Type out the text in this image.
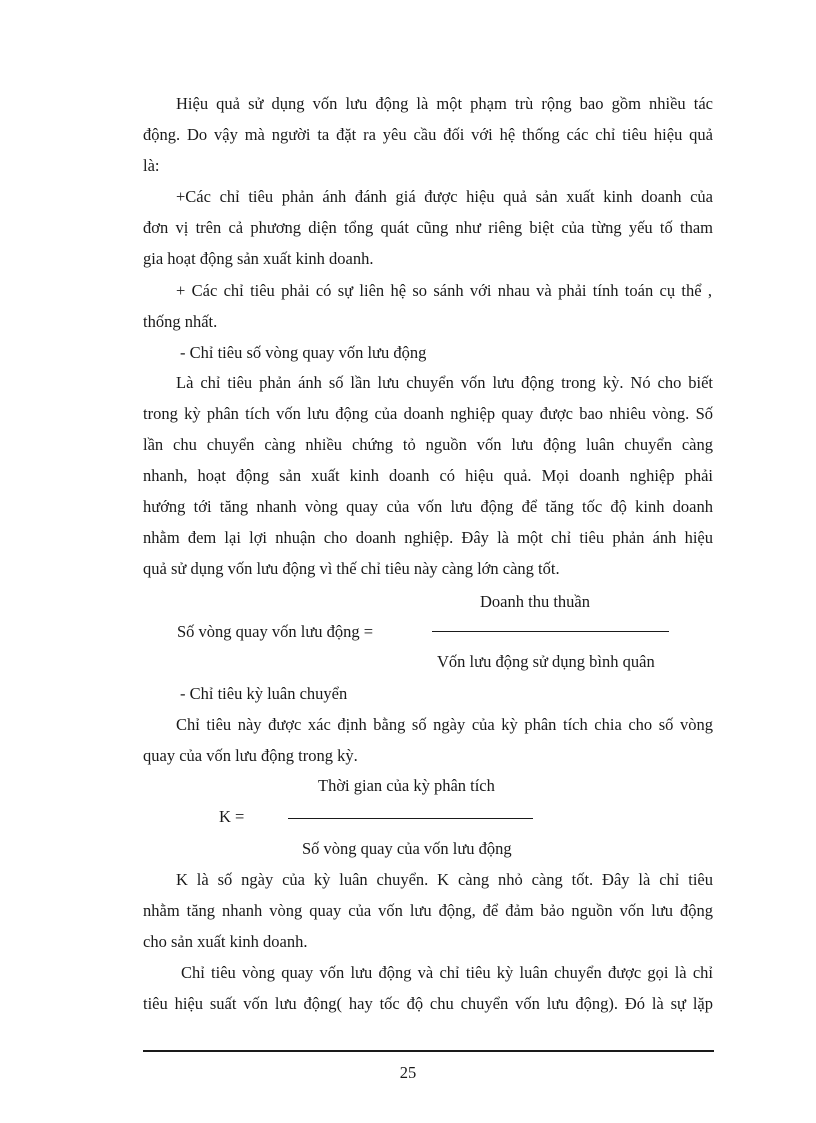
Hiệu quả sử dụng vốn lưu động là một phạm trù rộng bao gồm nhiều tác
động. Do vậy mà người ta đặt ra yêu cầu đối với hệ thống các chỉ tiêu hiệu quả
là:
+Các chỉ tiêu phản ánh đánh giá được hiệu quả sản xuất kinh doanh của
đơn vị trên cả phương diện tổng quát cũng như riêng biệt của từng yếu tố tham
gia hoạt động sản xuất kinh doanh.
+ Các chỉ tiêu phải có sự liên hệ so sánh với nhau và phải tính toán cụ thể ,
thống nhất.
- Chỉ tiêu số vòng quay vốn lưu động
Là chỉ tiêu phản ánh số lần lưu chuyển vốn lưu động trong kỳ. Nó cho biết
trong kỳ phân tích vốn lưu động của doanh nghiệp quay được bao nhiêu vòng. Số
lần chu chuyển càng nhiều chứng tỏ nguồn vốn lưu động luân chuyển càng
nhanh, hoạt động sản xuất kinh doanh có hiệu quả. Mọi doanh nghiệp phải
hướng tới tăng nhanh vòng quay của vốn lưu động để tăng tốc độ kinh doanh
nhằm đem lại lợi nhuận cho doanh nghiệp. Đây là một chỉ tiêu phản ánh hiệu
quả sử dụng vốn lưu động vì thế chỉ tiêu này càng lớn càng tốt.
Doanh thu thuần
Số vòng quay vốn lưu động =
Vốn lưu động sử dụng bình quân
- Chỉ tiêu kỳ luân chuyển
Chỉ tiêu này được xác định bằng số ngày của kỳ phân tích chia cho số vòng
quay của vốn lưu động trong kỳ.
Thời gian của kỳ phân tích
K =
Số vòng quay của vốn lưu động
K là số ngày của kỳ luân chuyển. K càng nhỏ càng tốt. Đây là chỉ tiêu
nhằm tăng nhanh vòng quay của vốn lưu động, để đảm bảo nguồn vốn lưu động
cho sản xuất kinh doanh.
Chỉ tiêu vòng quay vốn lưu động và chỉ tiêu kỳ luân chuyển được gọi là chỉ
tiêu hiệu suất vốn lưu động( hay tốc độ chu chuyển vốn lưu động). Đó là sự lặp
25
